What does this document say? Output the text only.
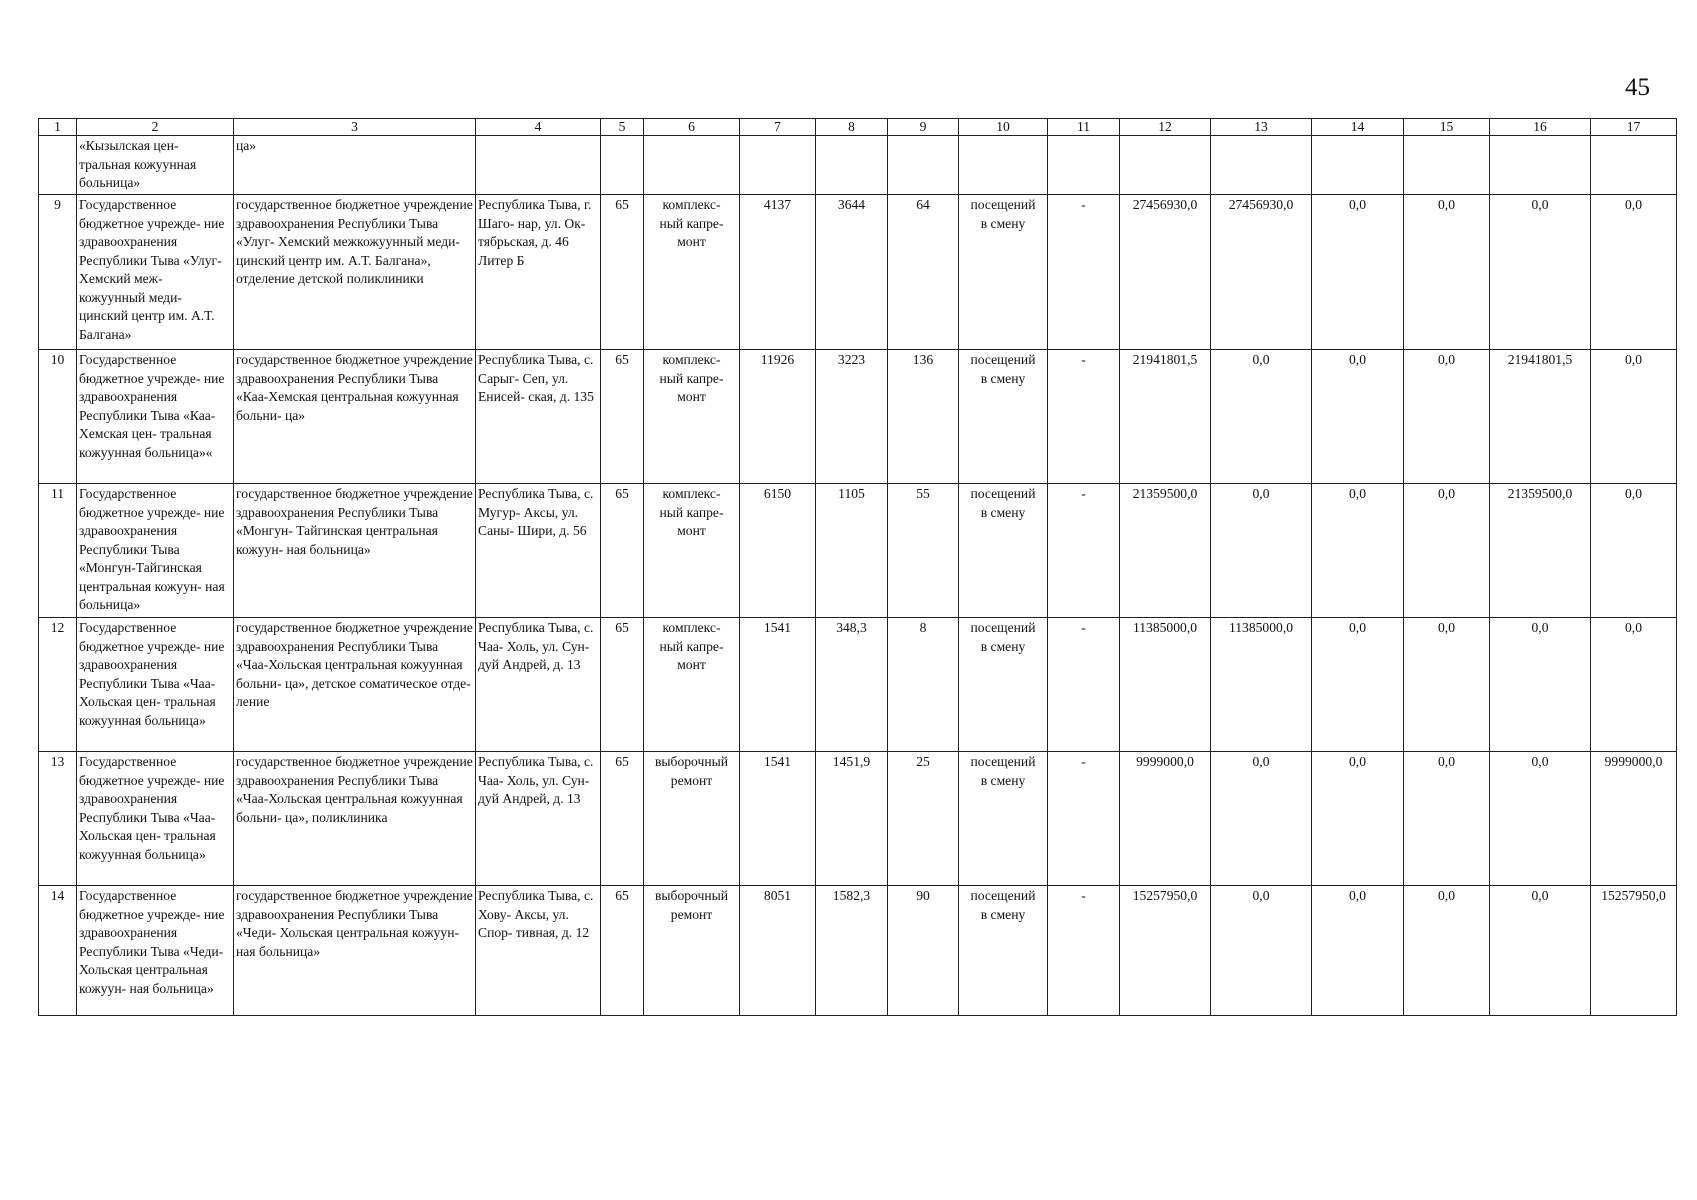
45
1	2	3	4	5	6	7	8	9	10	11	12	13	14	15	16	17
	«Кызылская цен- тральная кожуунная больница»	ца»														
9	Государственное бюджетное учрежде- ние здравоохранения Республики Тыва «Улуг-Хемский меж- кожуунный меди- цинский центр им. А.Т. Балгана»	государственное бюджетное учреждение здравоохранения Республики Тыва «Улуг- Хемский межкожуунный меди- цинский центр им. А.Т. Балгана», отделение детской поликлиники	Республика Тыва, г. Шаго- нар, ул. Ок- тябрьская, д. 46 Литер Б	65	комплекс-
ный капре-
монт	4137	3644	64	посещений
в смену	-	27456930,0	27456930,0	0,0	0,0	0,0	0,0
10	Государственное бюджетное учрежде- ние здравоохранения Республики Тыва «Каа-Хемская цен- тральная кожуунная больница»«	государственное бюджетное учреждение здравоохранения Республики Тыва «Каа-Хемская центральная кожуунная больни- ца»	Республика Тыва, с. Сарыг- Сеп, ул. Енисей- ская, д. 135	65	комплекс-
ный капре-
монт	11926	3223	136	посещений
в смену	-	21941801,5	0,0	0,0	0,0	21941801,5	0,0
11	Государственное бюджетное учрежде- ние здравоохранения Республики Тыва «Монгун-Тайгинская центральная кожуун- ная больница»	государственное бюджетное учреждение здравоохранения Республики Тыва «Монгун- Тайгинская центральная кожуун- ная больница»	Республика Тыва, с. Мугур- Аксы, ул. Саны- Шири, д. 56	65	комплекс-
ный капре-
монт	6150	1105	55	посещений
в смену	-	21359500,0	0,0	0,0	0,0	21359500,0	0,0
12	Государственное бюджетное учрежде- ние здравоохранения Республики Тыва «Чаа-Хольская цен- тральная кожуунная больница»	государственное бюджетное учреждение здравоохранения Республики Тыва «Чаа-Хольская центральная кожуунная больни- ца», детское соматическое отде- ление	Республика Тыва, с. Чаа- Холь, ул. Сун- дуй Андрей, д. 13	65	комплекс-
ный капре-
монт	1541	348,3	8	посещений
в смену	-	11385000,0	11385000,0	0,0	0,0	0,0	0,0
13	Государственное бюджетное учрежде- ние здравоохранения Республики Тыва «Чаа-Хольская цен- тральная кожуунная больница»	государственное бюджетное учреждение здравоохранения Республики Тыва «Чаа-Хольская центральная кожуунная больни- ца», поликлиника	Республика Тыва, с. Чаа- Холь, ул. Сун- дуй Андрей, д. 13	65	выборочный
ремонт	1541	1451,9	25	посещений
в смену	-	9999000,0	0,0	0,0	0,0	0,0	9999000,0
14	Государственное бюджетное учрежде- ние здравоохранения Республики Тыва «Чеди-Хольская центральная кожуун- ная больница»	государственное бюджетное учреждение здравоохранения Республики Тыва «Чеди- Хольская центральная кожуун- ная больница»	Республика Тыва, с. Хову- Аксы, ул. Спор- тивная, д. 12	65	выборочный
ремонт	8051	1582,3	90	посещений
в смену	-	15257950,0	0,0	0,0	0,0	0,0	15257950,0
